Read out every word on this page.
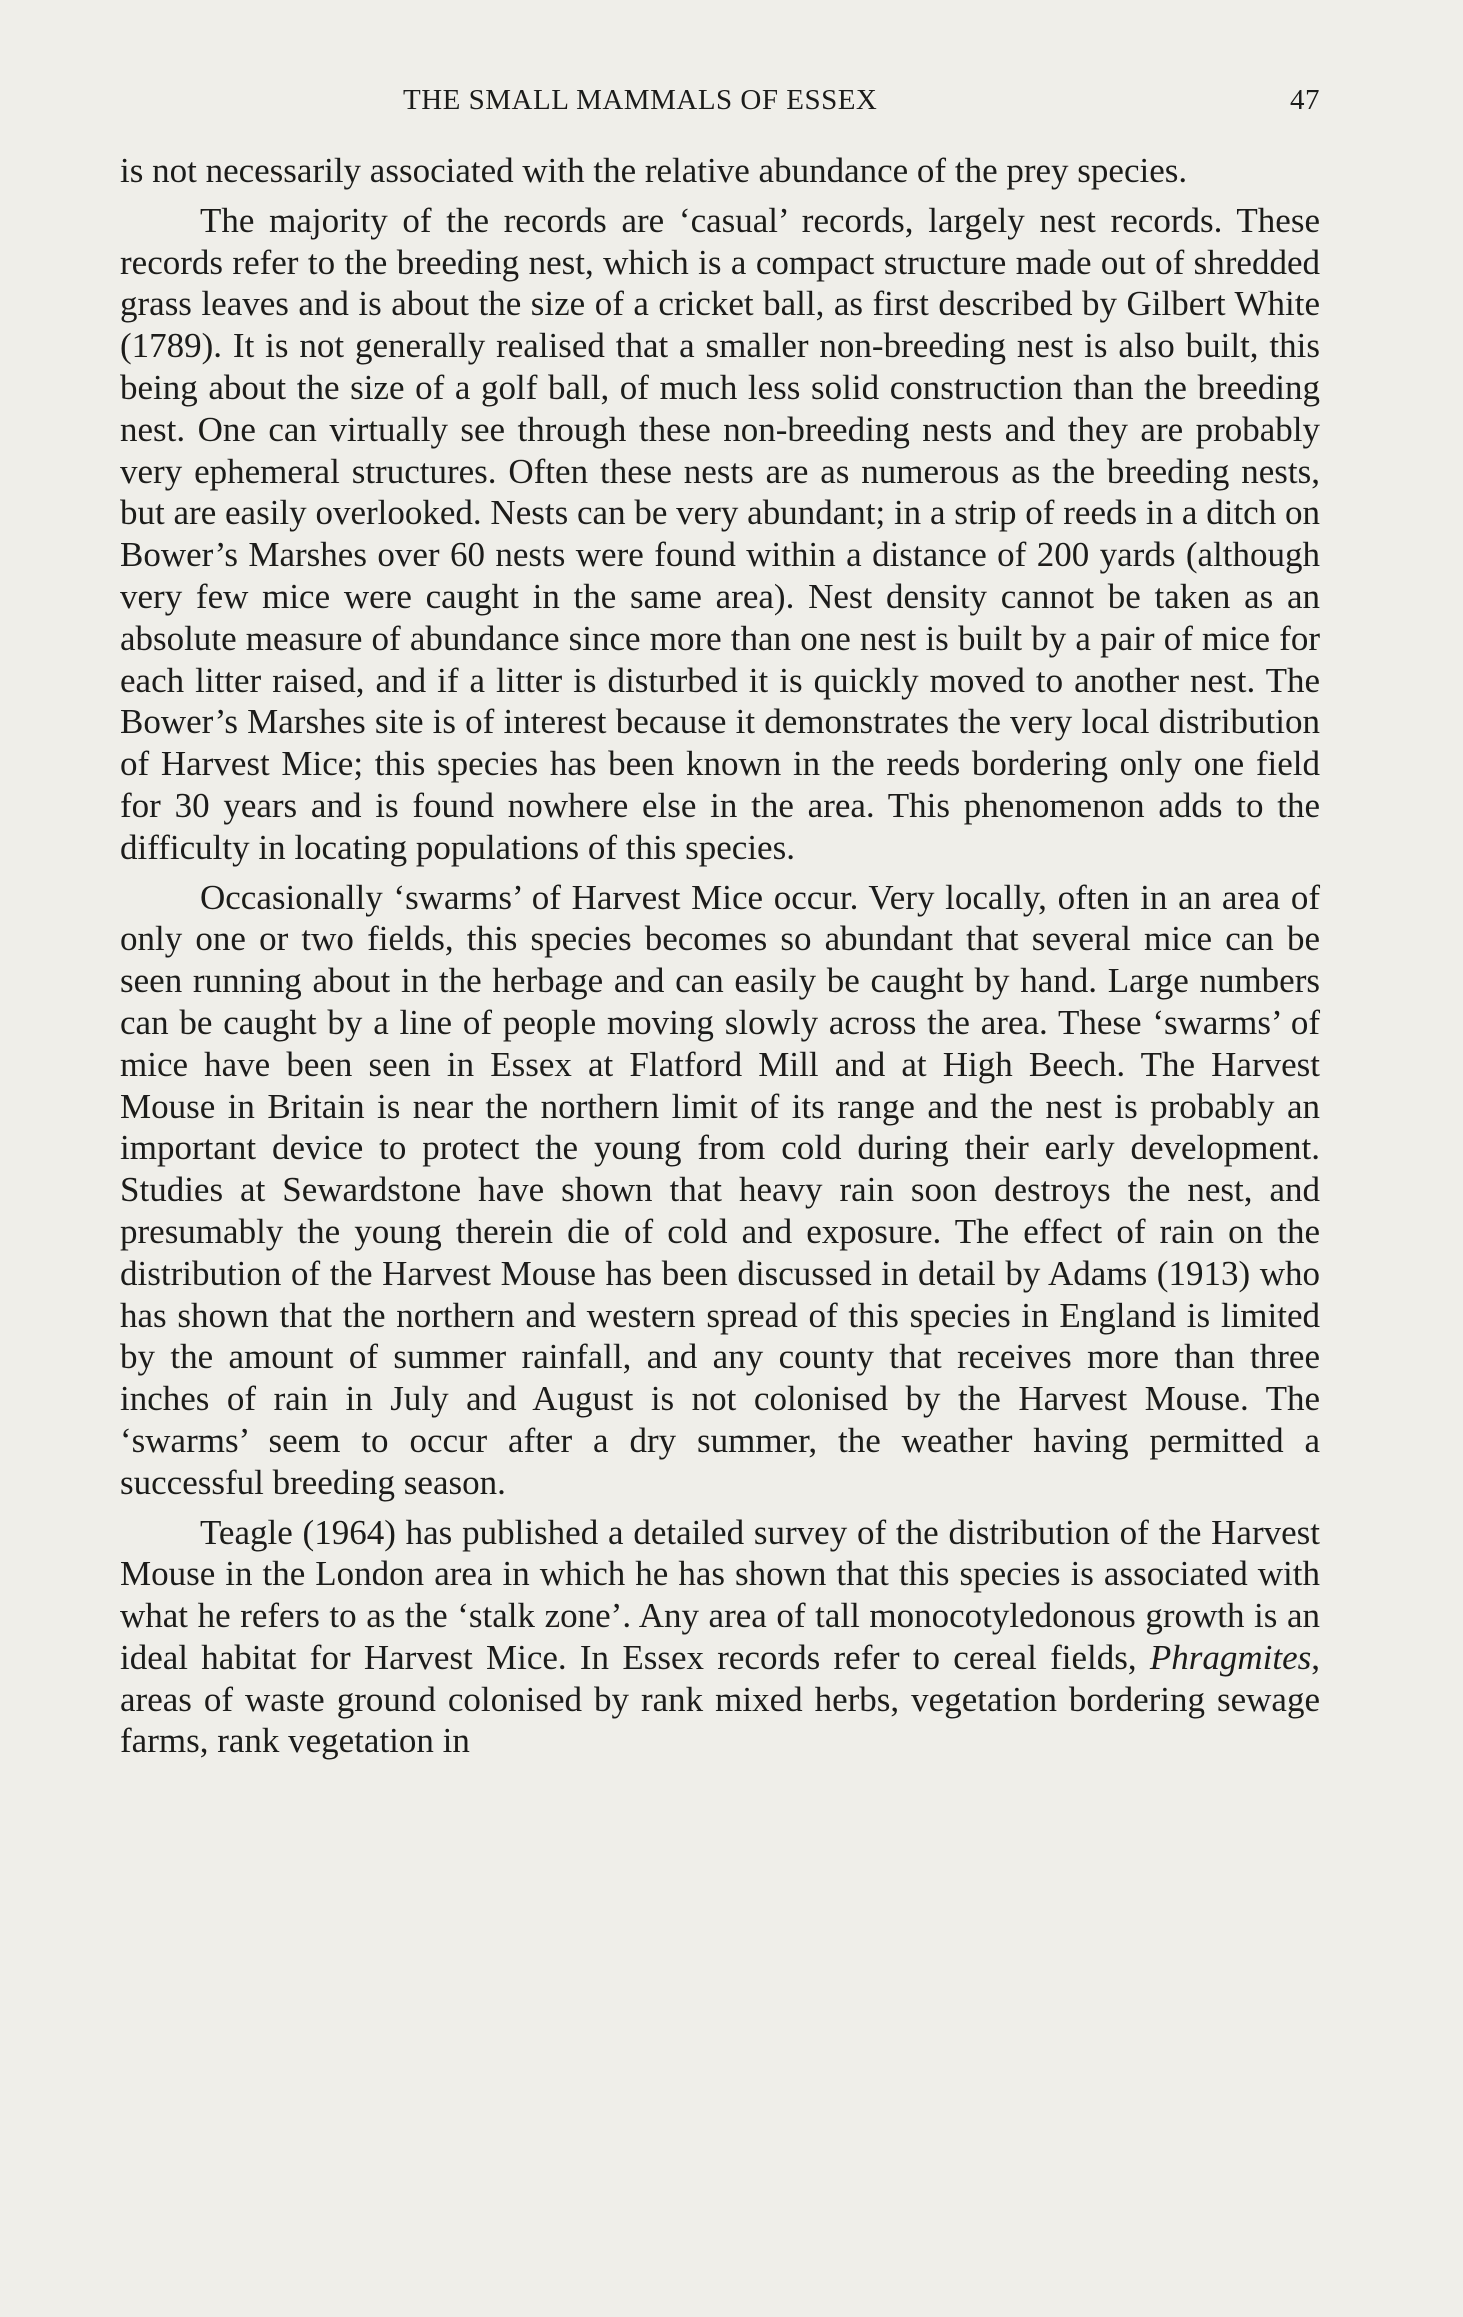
THE SMALL MAMMALS OF ESSEX	47

is not necessarily associated with the relative abundance of the prey species.

The majority of the records are ‘casual’ records, largely nest records. These records refer to the breeding nest, which is a compact structure made out of shredded grass leaves and is about the size of a cricket ball, as first described by Gilbert White (1789). It is not generally realised that a smaller non-breeding nest is also built, this being about the size of a golf ball, of much less solid construction than the breeding nest. One can virtually see through these non-breeding nests and they are probably very ephemeral structures. Often these nests are as numerous as the breeding nests, but are easily overlooked. Nests can be very abundant; in a strip of reeds in a ditch on Bower’s Marshes over 60 nests were found within a distance of 200 yards (although very few mice were caught in the same area). Nest density cannot be taken as an absolute measure of abundance since more than one nest is built by a pair of mice for each litter raised, and if a litter is disturbed it is quickly moved to another nest. The Bower’s Marshes site is of interest because it demonstrates the very local distribution of Harvest Mice; this species has been known in the reeds bordering only one field for 30 years and is found nowhere else in the area. This phenomenon adds to the difficulty in locating populations of this species.

Occasionally ‘swarms’ of Harvest Mice occur. Very locally, often in an area of only one or two fields, this species becomes so abundant that several mice can be seen running about in the herbage and can easily be caught by hand. Large numbers can be caught by a line of people moving slowly across the area. These ‘swarms’ of mice have been seen in Essex at Flatford Mill and at High Beech. The Harvest Mouse in Britain is near the northern limit of its range and the nest is probably an important device to protect the young from cold during their early development. Studies at Sewardstone have shown that heavy rain soon destroys the nest, and presumably the young therein die of cold and exposure. The effect of rain on the distribution of the Harvest Mouse has been discussed in detail by Adams (1913) who has shown that the northern and western spread of this species in England is limited by the amount of summer rainfall, and any county that receives more than three inches of rain in July and August is not colonised by the Harvest Mouse. The ‘swarms’ seem to occur after a dry summer, the weather having permitted a successful breeding season.

Teagle (1964) has published a detailed survey of the distribution of the Harvest Mouse in the London area in which he has shown that this species is associated with what he refers to as the ‘stalk zone’. Any area of tall monocotyledonous growth is an ideal habitat for Harvest Mice. In Essex records refer to cereal fields, Phragmites, areas of waste ground colonised by rank mixed herbs, vegetation bordering sewage farms, rank vegetation in
